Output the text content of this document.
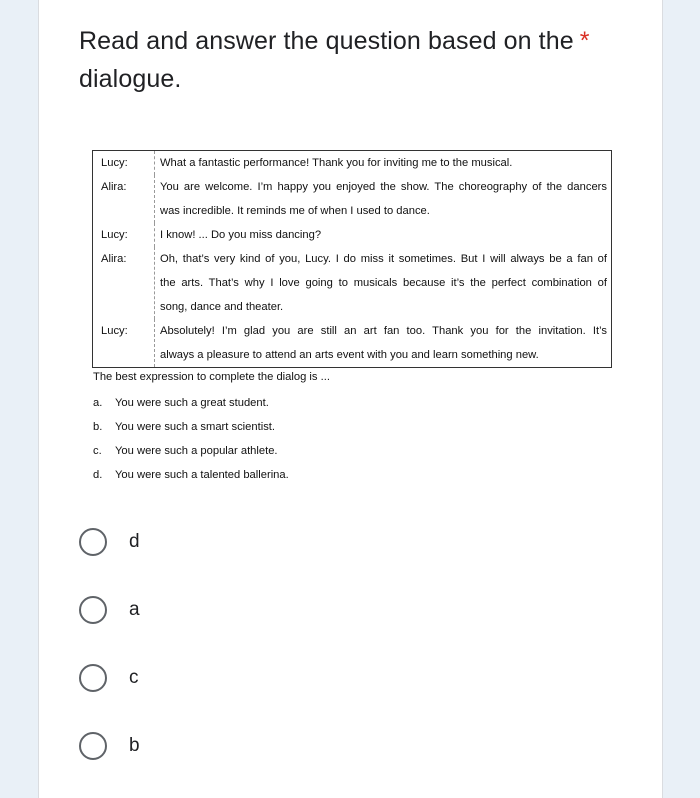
Read and answer the question based on the *
dialogue.
Lucy:	What a fantastic performance! Thank you for inviting me to the musical.
Alira:	You are welcome. I’m happy you enjoyed the show. The choreography of the dancers
was incredible. It reminds me of when I used to dance.
Lucy:	I know! ... Do you miss dancing?
Alira:	Oh, that’s very kind of you, Lucy. I do miss it sometimes. But I will always be a fan of
the arts. That’s why I love going to musicals because it’s the perfect combination of
song, dance and theater.
Lucy:	Absolutely! I’m glad you are still an art fan too. Thank you for the invitation. It’s
always a pleasure to attend an arts event with you and learn something new.
The best expression to complete the dialog is ...
a.	You were such a great student.
b.	You were such a smart scientist.
c.	You were such a popular athlete.
d.	You were such a talented ballerina.
d
a
c
b
